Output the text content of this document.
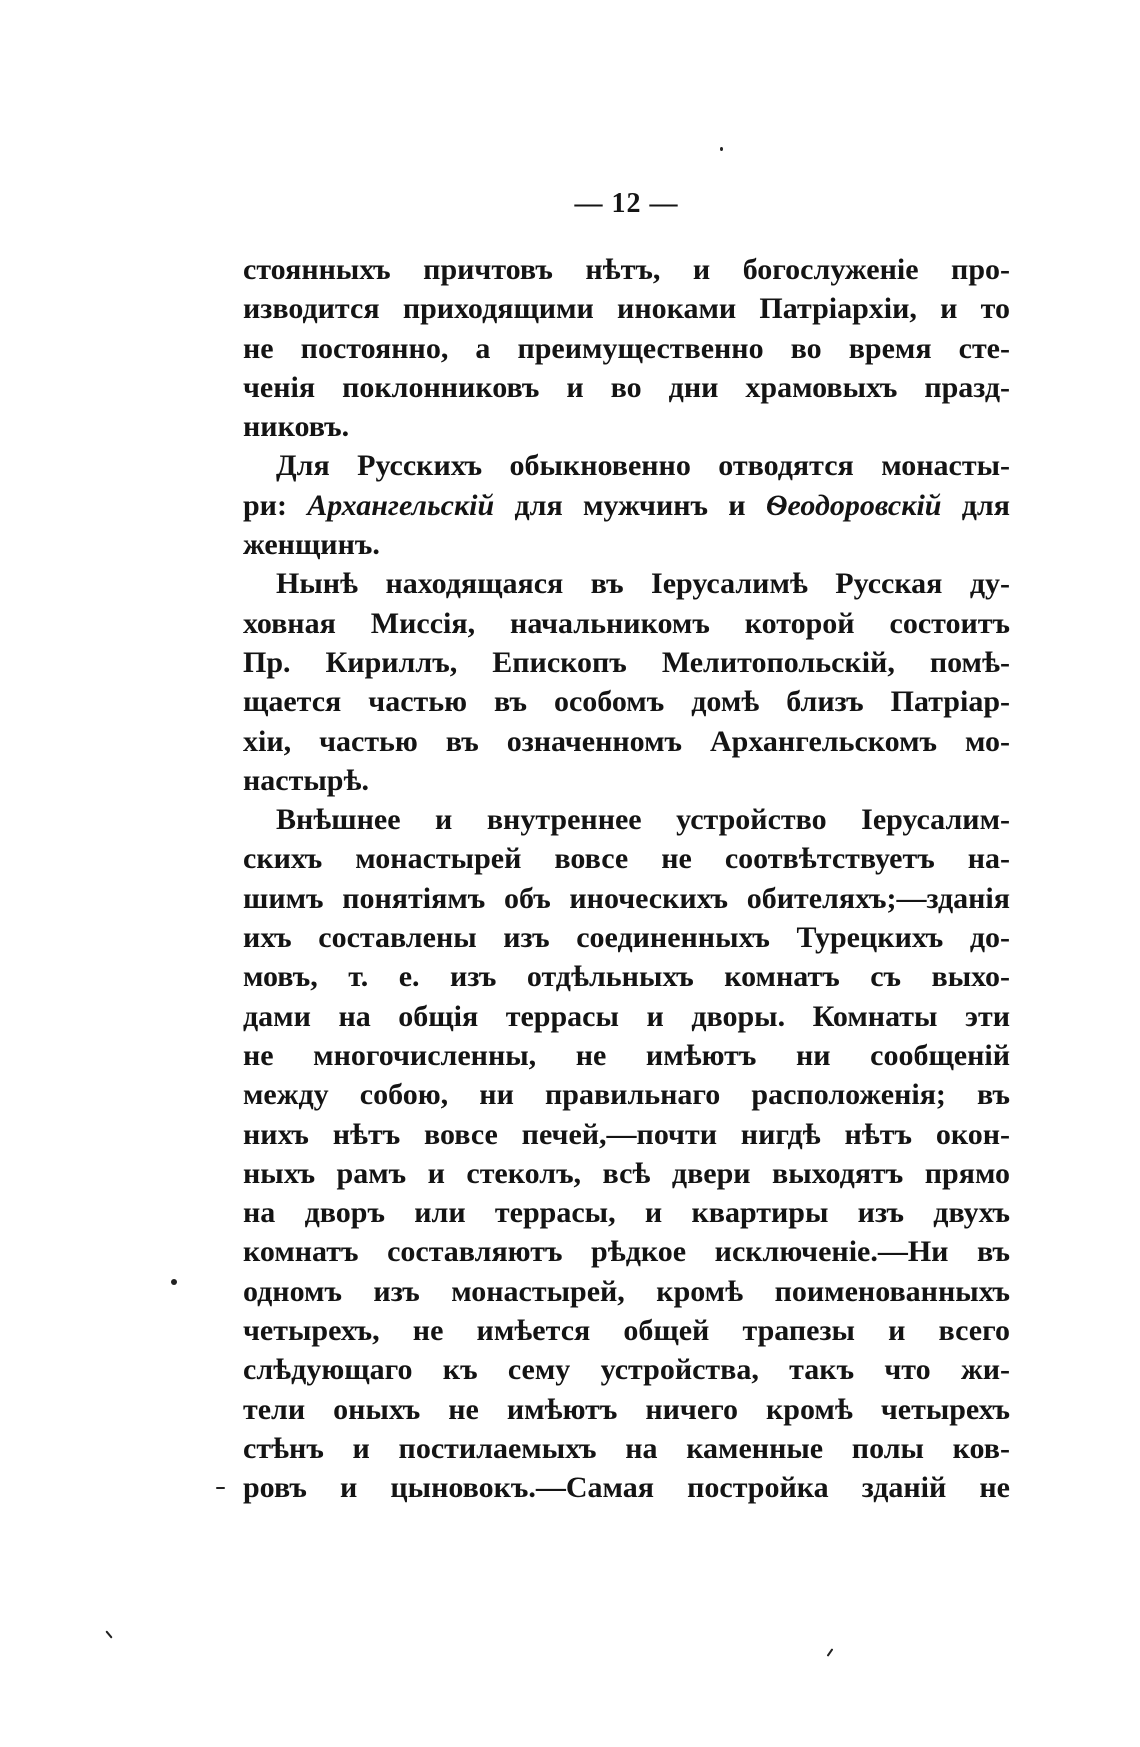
— 12 —
стоянныхъ причтовъ нѣтъ, и богослуженіе про-
изводится приходящими иноками Патріархіи, и то
не постоянно, а преимущественно во время сте-
ченія поклонниковъ и во дни храмовыхъ празд-
никовъ.
Для Русскихъ обыкновенно отводятся монасты-
ри: Архангельскій для мужчинъ и Ѳеодоровскій для
женщинъ.
Нынѣ находящаяся въ Іерусалимѣ Русская ду-
ховная Миссія, начальникомъ которой состоитъ
Пр. Кириллъ, Епископъ Мелитопольскій, помѣ-
щается частью въ особомъ домѣ близъ Патріар-
хіи, частью въ означенномъ Архангельскомъ мо-
настырѣ.
Внѣшнее и внутреннее устройство Іерусалим-
скихъ монастырей вовсе не соотвѣтствуетъ на-
шимъ понятіямъ объ иноческихъ обителяхъ;—зданія
ихъ составлены изъ соединенныхъ Турецкихъ до-
мовъ, т. е. изъ отдѣльныхъ комнатъ съ выхо-
дами на общія террасы и дворы. Комнаты эти
не многочисленны, не имѣютъ ни сообщеній
между собою, ни правильнаго расположенія; въ
нихъ нѣтъ вовсе печей,—почти нигдѣ нѣтъ окон-
ныхъ рамъ и стеколъ, всѣ двери выходятъ прямо
на дворъ или террасы, и квартиры изъ двухъ
комнатъ составляютъ рѣдкое исключеніе.—Ни въ
одномъ изъ монастырей, кромѣ поименованныхъ
четырехъ, не имѣется общей трапезы и всего
слѣдующаго къ сему устройства, такъ что жи-
тели оныхъ не имѣютъ ничего кромѣ четырехъ
стѣнъ и постилаемыхъ на каменные полы ков-
ровъ и цыновокъ.—Самая постройка зданій не
